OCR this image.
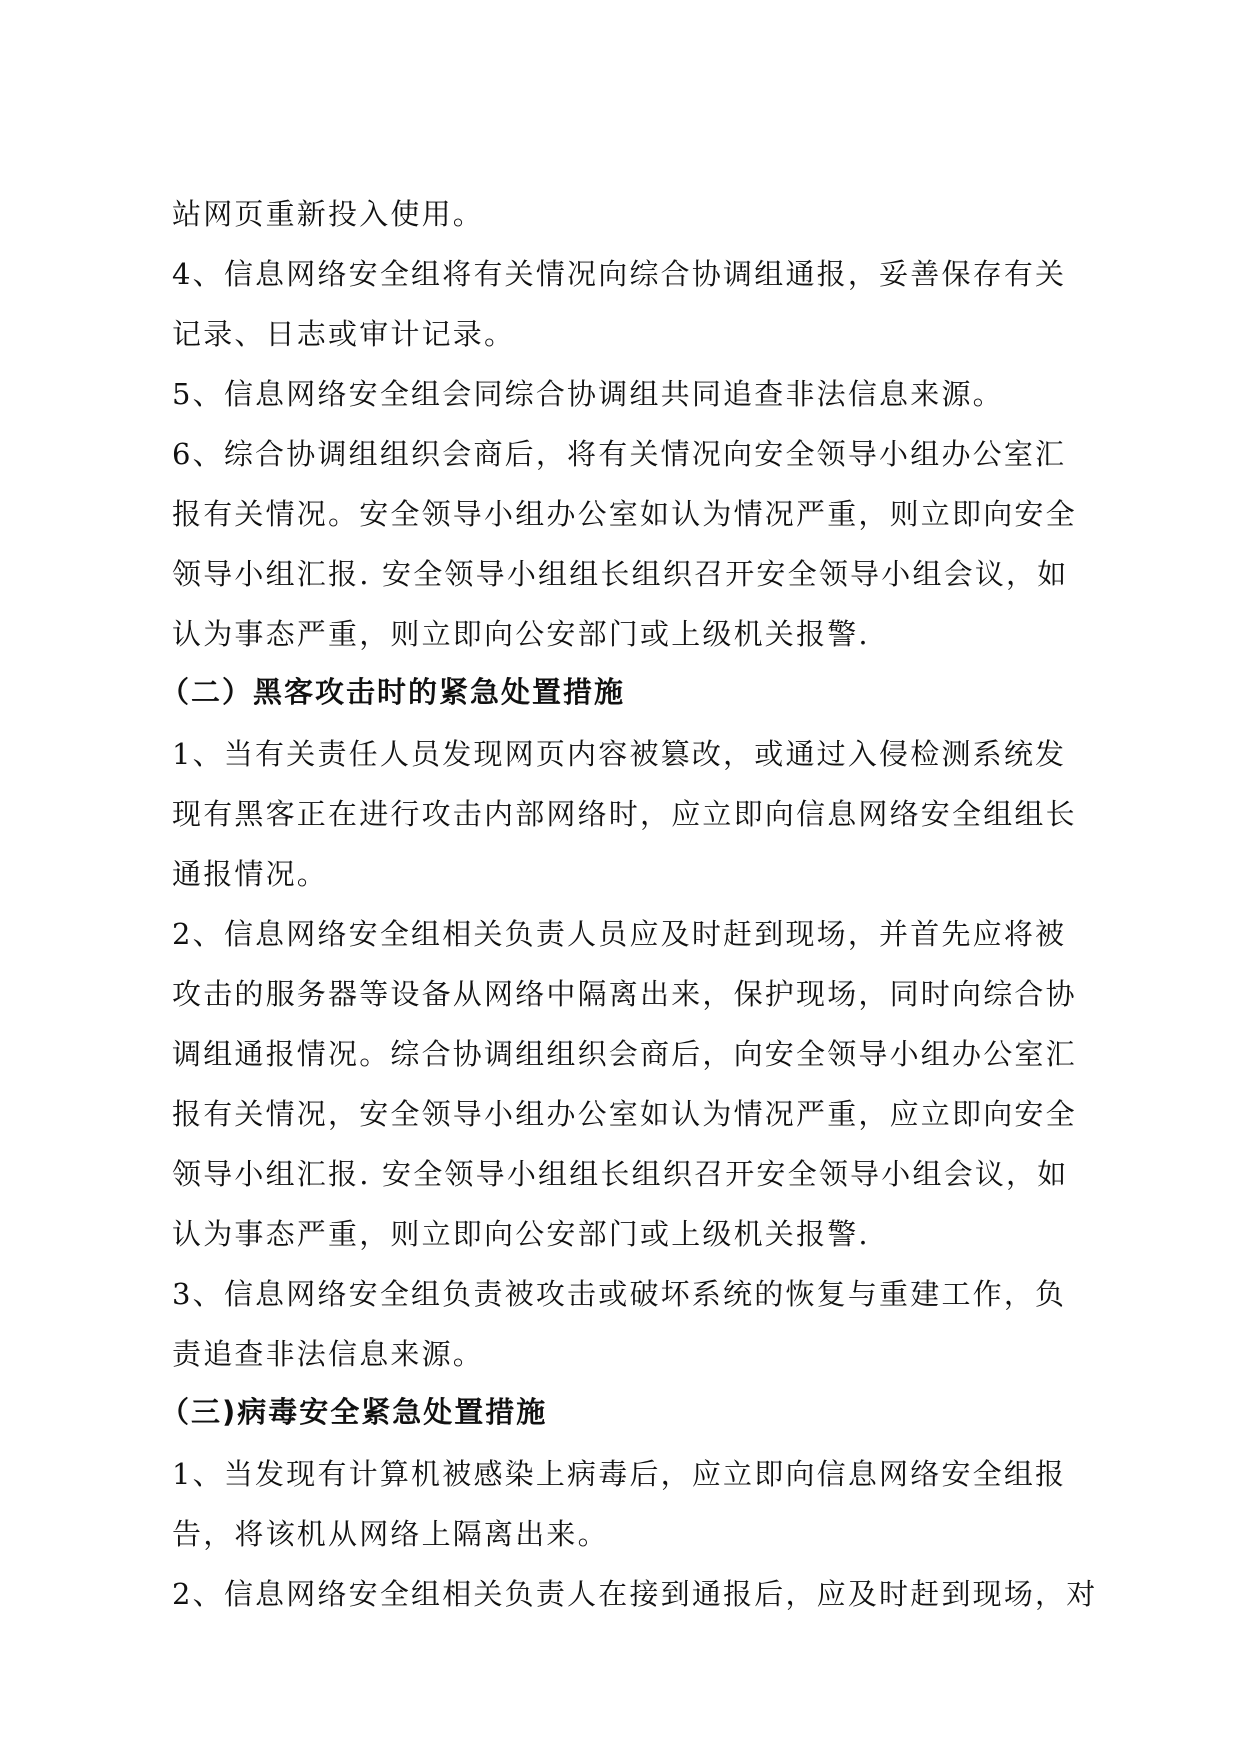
站网页重新投入使用。
4、信息网络安全组将有关情况向综合协调组通报，妥善保存有关
记录、日志或审计记录。
5、信息网络安全组会同综合协调组共同追查非法信息来源。
6、综合协调组组织会商后，将有关情况向安全领导小组办公室汇
报有关情况。安全领导小组办公室如认为情况严重，则立即向安全
领导小组汇报. 安全领导小组组长组织召开安全领导小组会议，如
认为事态严重，则立即向公安部门或上级机关报警.
（二）黑客攻击时的紧急处置措施
1、当有关责任人员发现网页内容被篡改，或通过入侵检测系统发
现有黑客正在进行攻击内部网络时，应立即向信息网络安全组组长
通报情况。
2、信息网络安全组相关负责人员应及时赶到现场，并首先应将被
攻击的服务器等设备从网络中隔离出来，保护现场，同时向综合协
调组通报情况。综合协调组组织会商后，向安全领导小组办公室汇
报有关情况，安全领导小组办公室如认为情况严重，应立即向安全
领导小组汇报. 安全领导小组组长组织召开安全领导小组会议，如
认为事态严重，则立即向公安部门或上级机关报警.
3、信息网络安全组负责被攻击或破坏系统的恢复与重建工作，负
责追查非法信息来源。
（三)病毒安全紧急处置措施
1、当发现有计算机被感染上病毒后，应立即向信息网络安全组报
告，将该机从网络上隔离出来。
2、信息网络安全组相关负责人在接到通报后，应及时赶到现场，对
